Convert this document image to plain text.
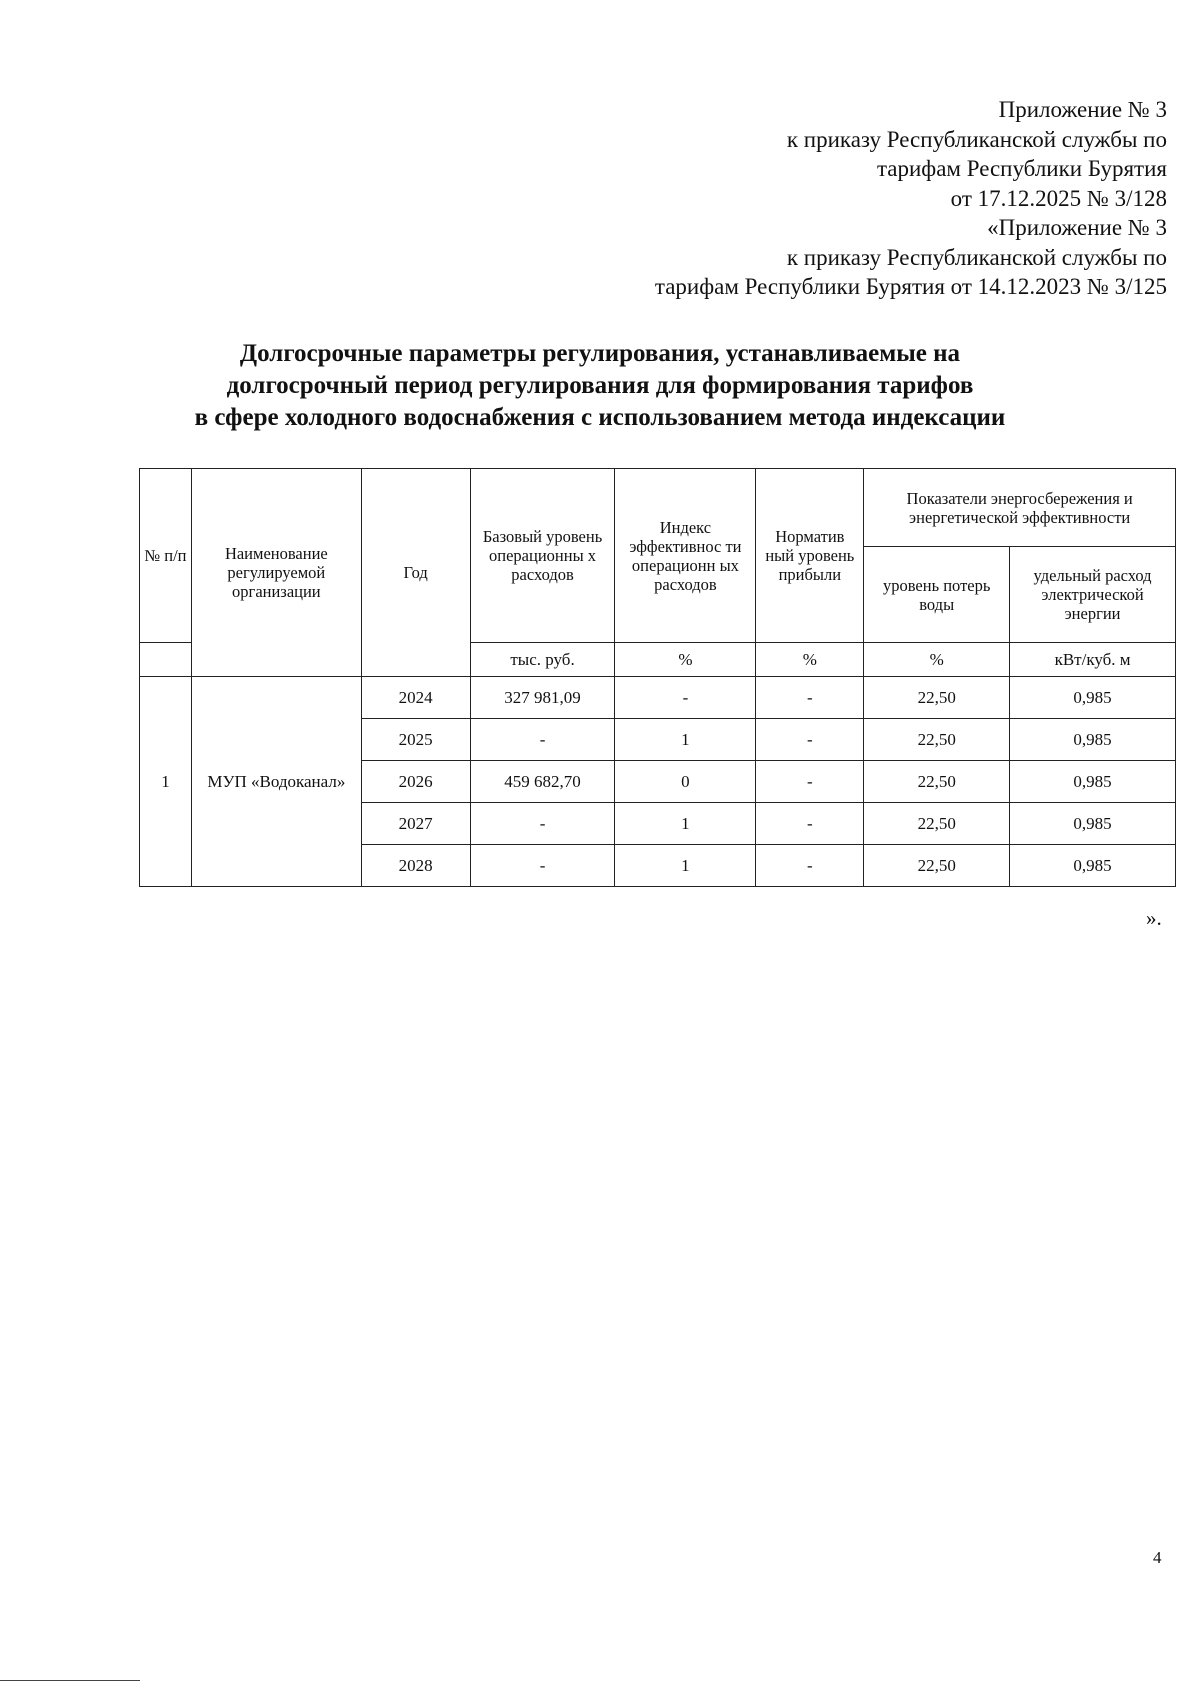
Приложение № 3
к приказу Республиканской службы по
тарифам Республики Бурятия
от 17.12.2025 № 3/128
«Приложение № 3
к приказу Республиканской службы по
тарифам Республики Бурятия от 14.12.2023 № 3/125
Долгосрочные параметры регулирования, устанавливаемые на
долгосрочный период регулирования для формирования тарифов
в сфере холодного водоснабжения с использованием метода индексации
№ п/п	Наименование регулируемой организации	Год	Базовый уровень операционны х расходов	Индекс эффективнос ти операционн ых расходов	Норматив ный уровень прибыли	Показатели энергосбережения и энергетической эффективности	
						уровень потерь воды	удельный расход электрической энергии
			тыс. руб.	%	%	%	кВт/куб. м
1	МУП «Водоканал»	2024	327 981,09	-	-	22,50	0,985
		2025	-	1	-	22,50	0,985
		2026	459 682,70	0	-	22,50	0,985
		2027	-	1	-	22,50	0,985
		2028	-	1	-	22,50	0,985
».
4
